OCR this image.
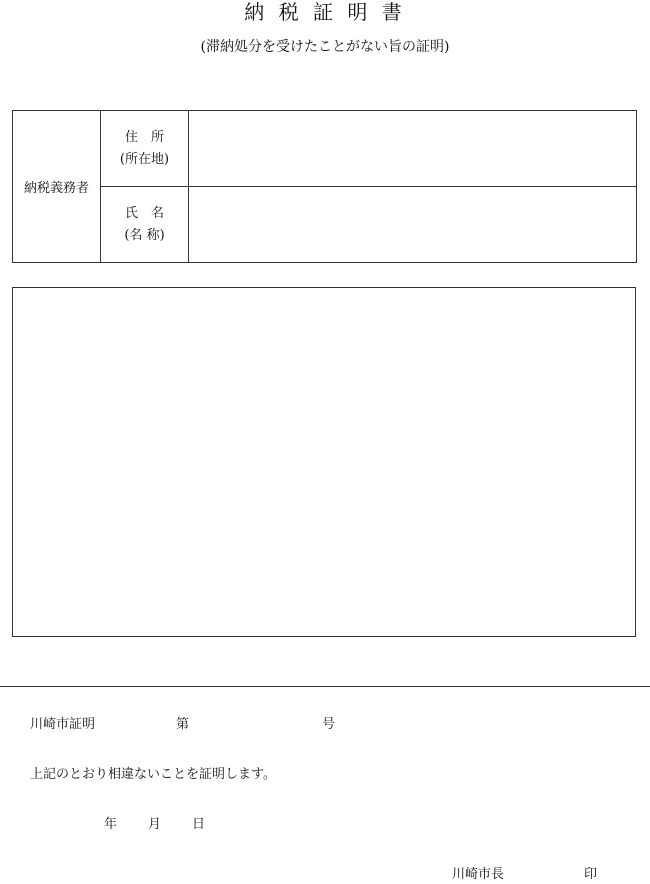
納 税 証 明 書
(滞納処分を受けたことがない旨の証明)
納税義務者	住　所
(所在地)	

	氏　名
(名 称)	

川崎市証明	第	号
上記のとおり相違ないことを証明します。
年 月 日
川崎市長	印
